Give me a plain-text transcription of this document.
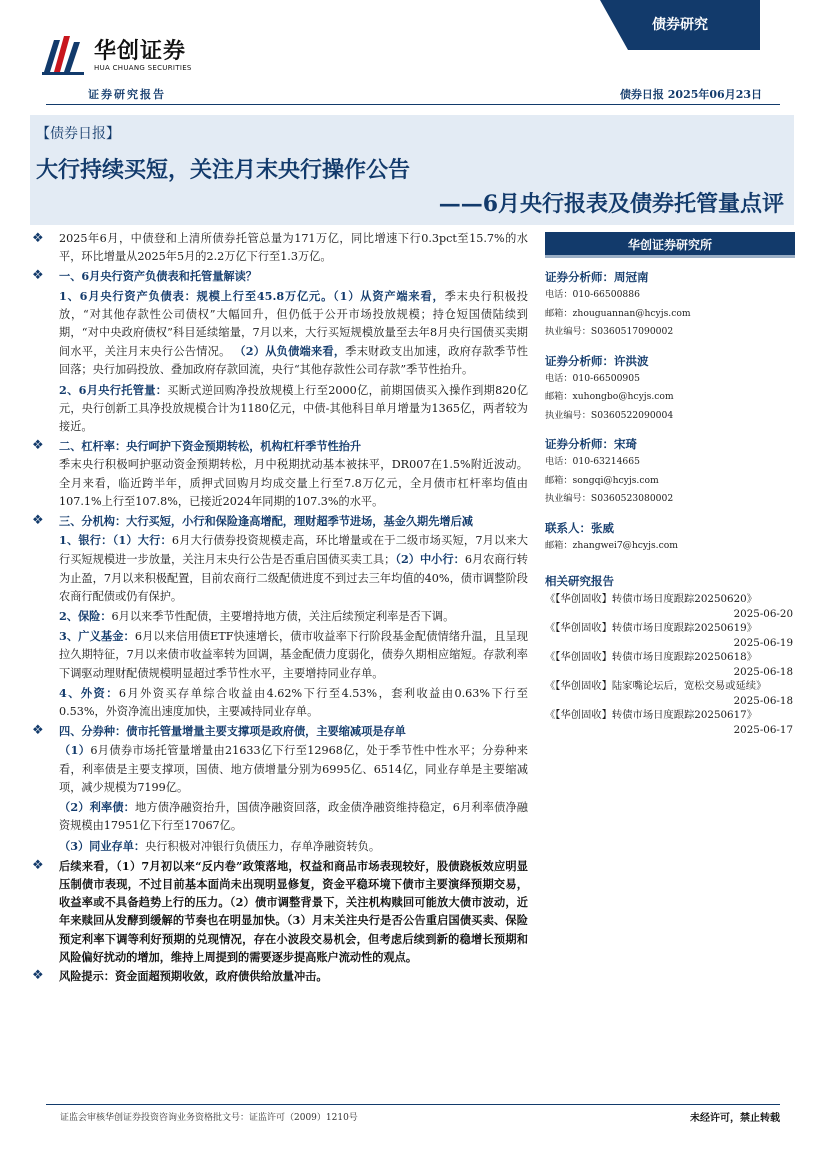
华创证券
HUA CHUANG SECURITIES
债券研究
证券研究报告	债券日报 2025年06月23日
【债券日报】
大行持续买短，关注月末央行操作公告
——6月央行报表及债券托管量点评
❖ 2025年6月，中债登和上清所债券托管总量为171万亿，同比增速下行0.3pct至15.7%的水平，环比增量从2025年5月的2.2万亿下行至1.3万亿。
❖ 一、6月央行资产负债表和托管量解读？
1、6月央行资产负债表：规模上行至45.8万亿元。（1）从资产端来看，季末央行积极投放，“对其他存款性公司债权”大幅回升，但仍低于公开市场投放规模；持仓短国债陆续到期，“对中央政府债权”科目延续缩量，7月以来，大行买短规模放量至去年8月央行国债买卖期间水平，关注月末央行公告情况。 （2）从负债端来看，季末财政支出加速，政府存款季节性回落；央行加码投放、叠加政府存款回流，央行“其他存款性公司存款”季节性抬升。
2、6月央行托管量：买断式逆回购净投放规模上行至2000亿，前期国债买入操作到期820亿元，央行创新工具净投放规模合计为1180亿元，中债-其他科目单月增量为1365亿，两者较为接近。
❖ 二、杠杆率：央行呵护下资金预期转松，机构杠杆季节性抬升
季末央行积极呵护驱动资金预期转松，月中税期扰动基本被抹平，DR007在1.5%附近波动。全月来看，临近跨半年，质押式回购月均成交量上行至7.8万亿元，全月债市杠杆率均值由107.1%上行至107.8%，已接近2024年同期的107.3%的水平。
❖ 三、分机构：大行买短，小行和保险逢高增配，理财超季节进场，基金久期先增后减
1、银行：（1）大行：6月大行债券投资规模走高，环比增量或在于二级市场买短，7月以来大行买短规模进一步放量，关注月末央行公告是否重启国债买卖工具；（2）中小行：6月农商行转为止盈，7月以来积极配置，目前农商行二级配债进度不到过去三年均值的40%，债市调整阶段农商行配债或仍有保护。
2、保险：6月以来季节性配债，主要增持地方债，关注后续预定利率是否下调。
3、广义基金：6月以来信用债ETF快速增长，债市收益率下行阶段基金配债情绪升温，且呈现拉久期特征，7月以来债市收益率转为回调，基金配债力度弱化，债券久期相应缩短。存款利率下调驱动理财配债规模明显超过季节性水平，主要增持同业存单。
4、外资：6月外资买存单综合收益由4.62%下行至4.53%，套利收益由0.63%下行至0.53%，外资净流出速度加快，主要减持同业存单。
❖ 四、分券种：债市托管量增量主要支撑项是政府债，主要缩减项是存单
（1）6月债券市场托管量增量由21633亿下行至12968亿，处于季节性中性水平；分券种来看，利率债是主要支撑项，国债、地方债增量分别为6995亿、6514亿，同业存单是主要缩减项，减少规模为7199亿。
（2）利率债：地方债净融资抬升，国债净融资回落，政金债净融资维持稳定，6月利率债净融资规模由17951亿下行至17067亿。
（3）同业存单：央行积极对冲银行负债压力，存单净融资转负。
❖ 后续来看，（1）7月初以来“反内卷”政策落地，权益和商品市场表现较好，股债跷板效应明显压制债市表现，不过目前基本面尚未出现明显修复，资金平稳环境下债市主要演绎预期交易，收益率或不具备趋势上行的压力。（2）债市调整背景下，关注机构赎回可能放大债市波动，近年来赎回从发酵到缓解的节奏也在明显加快。（3）月末关注央行是否公告重启国债买卖、保险预定利率下调等利好预期的兑现情况，存在小波段交易机会，但考虑后续到新的稳增长预期和风险偏好扰动的增加，维持上周提到的需要逐步提高账户流动性的观点。
❖ 风险提示：资金面超预期收敛，政府债供给放量冲击。
华创证券研究所
证券分析师：周冠南
电话：010-66500886
邮箱：zhouguannan@hcyjs.com
执业编号：S0360517090002
证券分析师：许洪波
电话：010-66500905
邮箱：xuhongbo@hcyjs.com
执业编号：S0360522090004
证券分析师：宋琦
电话：010-63214665
邮箱：songqi@hcyjs.com
执业编号：S0360523080002
联系人：张威
邮箱：zhangwei7@hcyjs.com
相关研究报告
《【华创固收】转债市场日度跟踪20250620》
2025-06-20
《【华创固收】转债市场日度跟踪20250619》
2025-06-19
《【华创固收】转债市场日度跟踪20250618》
2025-06-18
《【华创固收】陆家嘴论坛后，宽松交易或延续》
2025-06-18
《【华创固收】转债市场日度跟踪20250617》
2025-06-17
证监会审核华创证券投资咨询业务资格批文号：证监许可（2009）1210号	未经许可，禁止转载
